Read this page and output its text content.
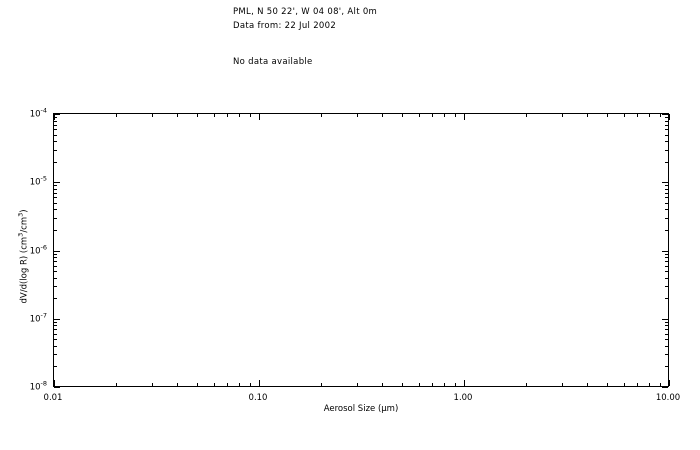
PML, N 50 22', W 04 08', Alt 0m
Data from: 22 Jul 2002
No data available
Aerosol Size (µm)
dV/d(log R) $(cm^3/cm^3)$
0.01	0.10	1.00	10.00
$10^{-8}$
$10^{-7}$
$10^{-6}$
$10^{-5}$
$10^{-4}$
